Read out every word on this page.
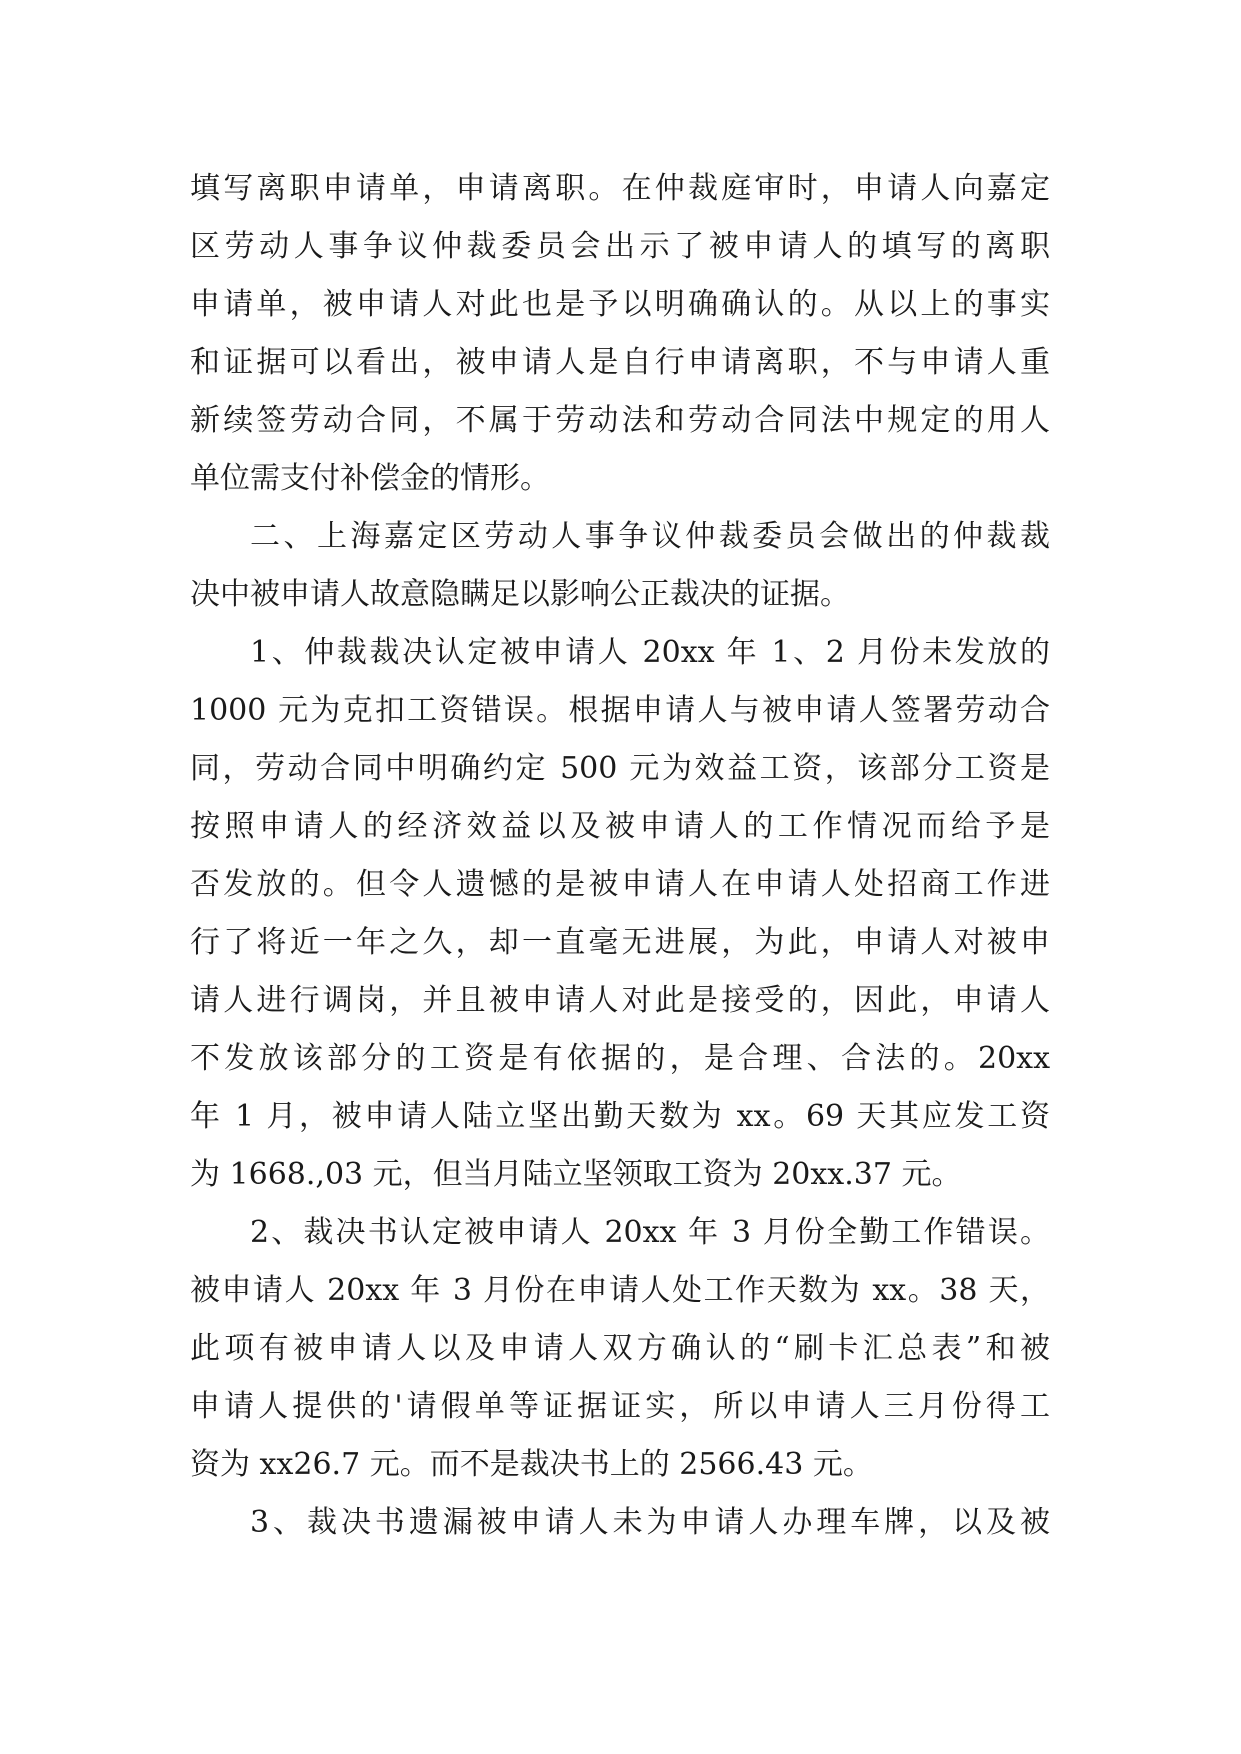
填写离职申请单，申请离职。在仲裁庭审时，申请人向嘉定
区劳动人事争议仲裁委员会出示了被申请人的填写的离职
申请单，被申请人对此也是予以明确确认的。从以上的事实
和证据可以看出，被申请人是自行申请离职，不与申请人重
新续签劳动合同，不属于劳动法和劳动合同法中规定的用人
单位需支付补偿金的情形。
二、上海嘉定区劳动人事争议仲裁委员会做出的仲裁裁
决中被申请人故意隐瞒足以影响公正裁决的证据。
1、仲裁裁决认定被申请人 20xx 年 1、2 月份未发放的
1000 元为克扣工资错误。根据申请人与被申请人签署劳动合
同，劳动合同中明确约定 500 元为效益工资，该部分工资是
按照申请人的经济效益以及被申请人的工作情况而给予是
否发放的。但令人遗憾的是被申请人在申请人处招商工作进
行了将近一年之久，却一直毫无进展，为此，申请人对被申
请人进行调岗，并且被申请人对此是接受的，因此，申请人
不发放该部分的工资是有依据的，是合理、合法的。20xx
年 1 月，被申请人陆立坚出勤天数为 xx。69 天其应发工资
为 1668.,03 元，但当月陆立坚领取工资为 20xx.37 元。
2、裁决书认定被申请人 20xx 年 3 月份全勤工作错误。
被申请人 20xx 年 3 月份在申请人处工作天数为 xx。38 天，
此项有被申请人以及申请人双方确认的“刷卡汇总表”和被
申请人提供的'请假单等证据证实，所以申请人三月份得工
资为 xx26.7 元。而不是裁决书上的 2566.43 元。
3、裁决书遗漏被申请人未为申请人办理车牌，以及被
